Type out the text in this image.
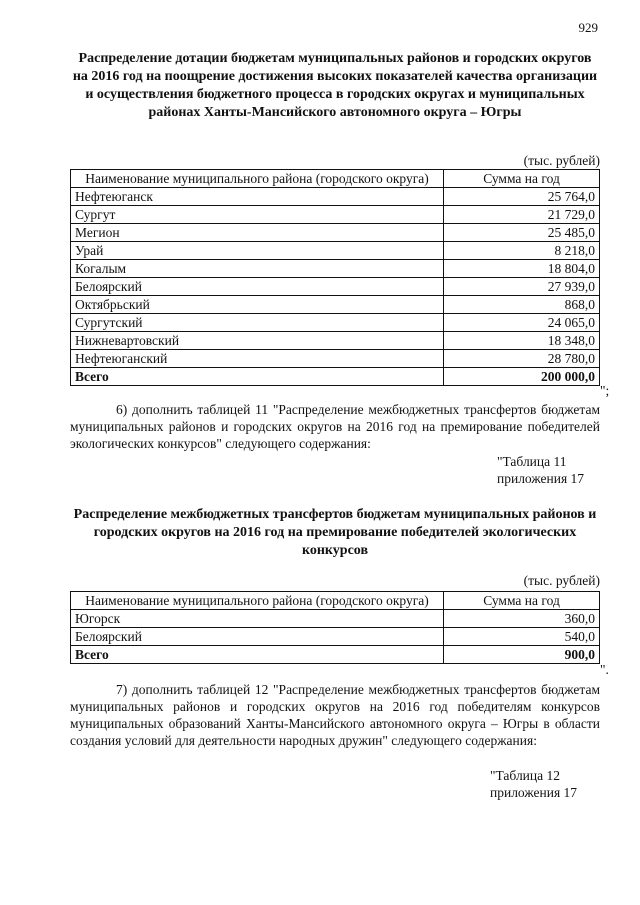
929
Распределение дотации бюджетам муниципальных районов и городских округов на 2016 год на поощрение достижения высоких показателей качества организации и осуществления бюджетного процесса в городских округах и муниципальных районах Ханты-Мансийского автономного округа – Югры
(тыс. рублей)
Наименование муниципального района (городского округа)	Сумма на год
Нефтеюганск	25 764,0
Сургут	21 729,0
Мегион	25 485,0
Урай	8 218,0
Когалым	18 804,0
Белоярский	27 939,0
Октябрьский	868,0
Сургутский	24 065,0
Нижневартовский	18 348,0
Нефтеюганский	28 780,0
Всего	200 000,0
";
6) дополнить таблицей 11 "Распределение межбюджетных трансфертов бюджетам муниципальных районов и городских округов на 2016 год на премирование победителей экологических конкурсов" следующего содержания:
"Таблица 11
приложения 17
Распределение межбюджетных трансфертов бюджетам муниципальных районов и городских округов на 2016 год на премирование победителей экологических конкурсов
(тыс. рублей)
Наименование муниципального района (городского округа)	Сумма на год
Югорск	360,0
Белоярский	540,0
Всего	900,0
".
7) дополнить таблицей 12 "Распределение межбюджетных трансфертов бюджетам муниципальных районов и городских округов на 2016 год победителям конкурсов муниципальных образований Ханты-Мансийского автономного округа – Югры в области создания условий для деятельности народных дружин" следующего содержания:
"Таблица 12
приложения 17
